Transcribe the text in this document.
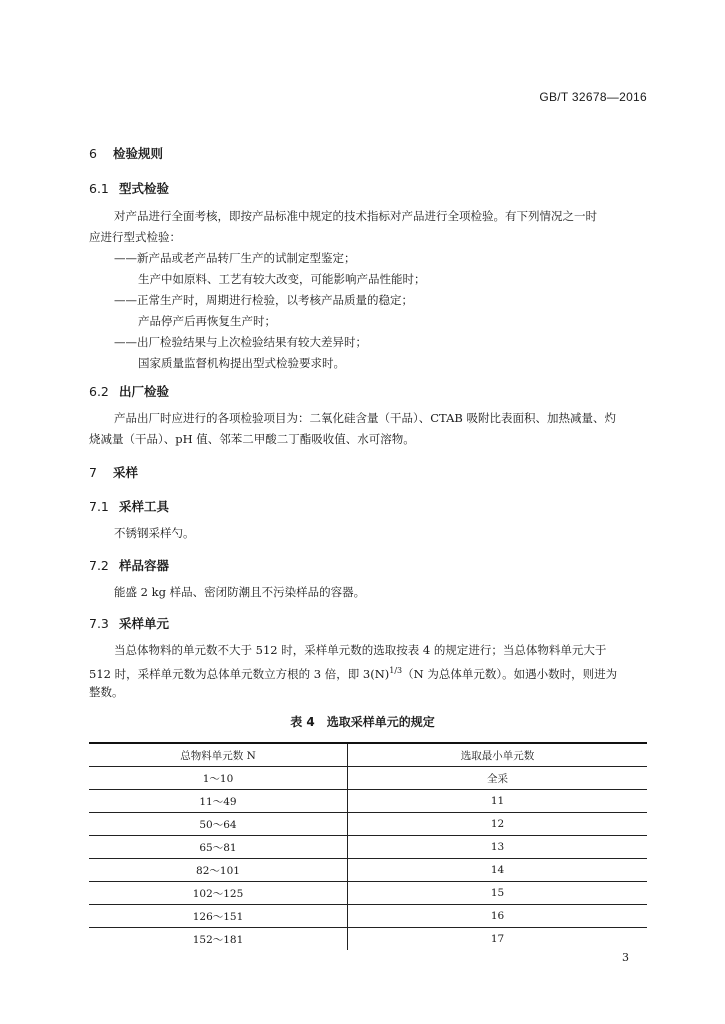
GB/T 32678—2016
6 检验规则
6.1 型式检验
对产品进行全面考核，即按产品标准中规定的技术指标对产品进行全项检验。有下列情况之一时
应进行型式检验：
——新产品或老产品转厂生产的试制定型鉴定；
生产中如原料、工艺有较大改变，可能影响产品性能时；
——正常生产时，周期进行检验，以考核产品质量的稳定；
产品停产后再恢复生产时；
——出厂检验结果与上次检验结果有较大差异时；
国家质量监督机构提出型式检验要求时。
6.2 出厂检验
产品出厂时应进行的各项检验项目为：二氧化硅含量（干品）、CTAB 吸附比表面积、加热减量、灼
烧减量（干品）、pH 值、邻苯二甲酸二丁酯吸收值、水可溶物。
7 采样
7.1 采样工具
不锈钢采样勺。
7.2 样品容器
能盛 2 kg 样品、密闭防潮且不污染样品的容器。
7.3 采样单元
当总体物料的单元数不大于 512 时，采样单元数的选取按表 4 的规定进行；当总体物料单元大于
512 时，采样单元数为总体单元数立方根的 3 倍，即 $3(N)^{1/3}(N$ 为总体单元数）。如遇小数时，则进为
整数。
表 4　选取采样单元的规定
总物料单元数 N	选取最小单元数
1～10	全采
11～49	11
50～64	12
65～81	13
82～101	14
102～125	15
126～151	16
152～181	17
3
